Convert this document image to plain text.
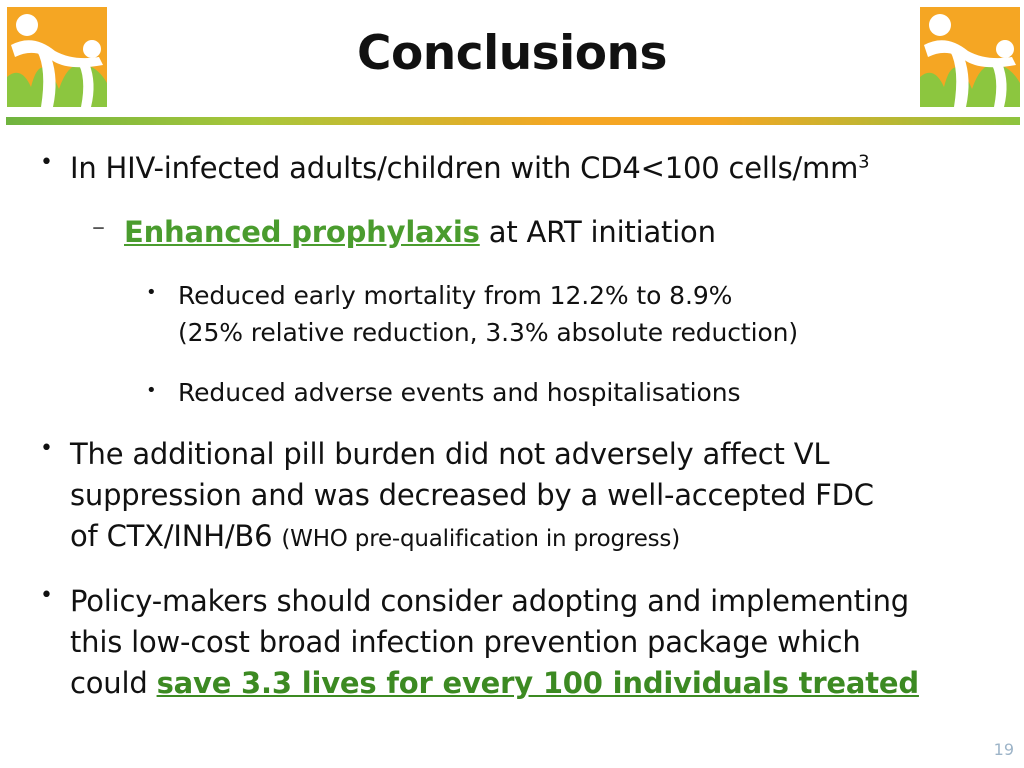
Conclusions
• In HIV-infected adults/children with CD4<100 cells/$mm^3$
– Enhanced prophylaxis at ART initiation
• Reduced early mortality from 12.2% to 8.9%
(25% relative reduction, 3.3% absolute reduction)
• Reduced adverse events and hospitalisations
• The additional pill burden did not adversely affect VL
suppression and was decreased by a well-accepted FDC
of CTX/INH/B6 (WHO pre-qualification in progress)
• Policy-makers should consider adopting and implementing
this low-cost broad infection prevention package which
could save 3.3 lives for every 100 individuals treated
19
